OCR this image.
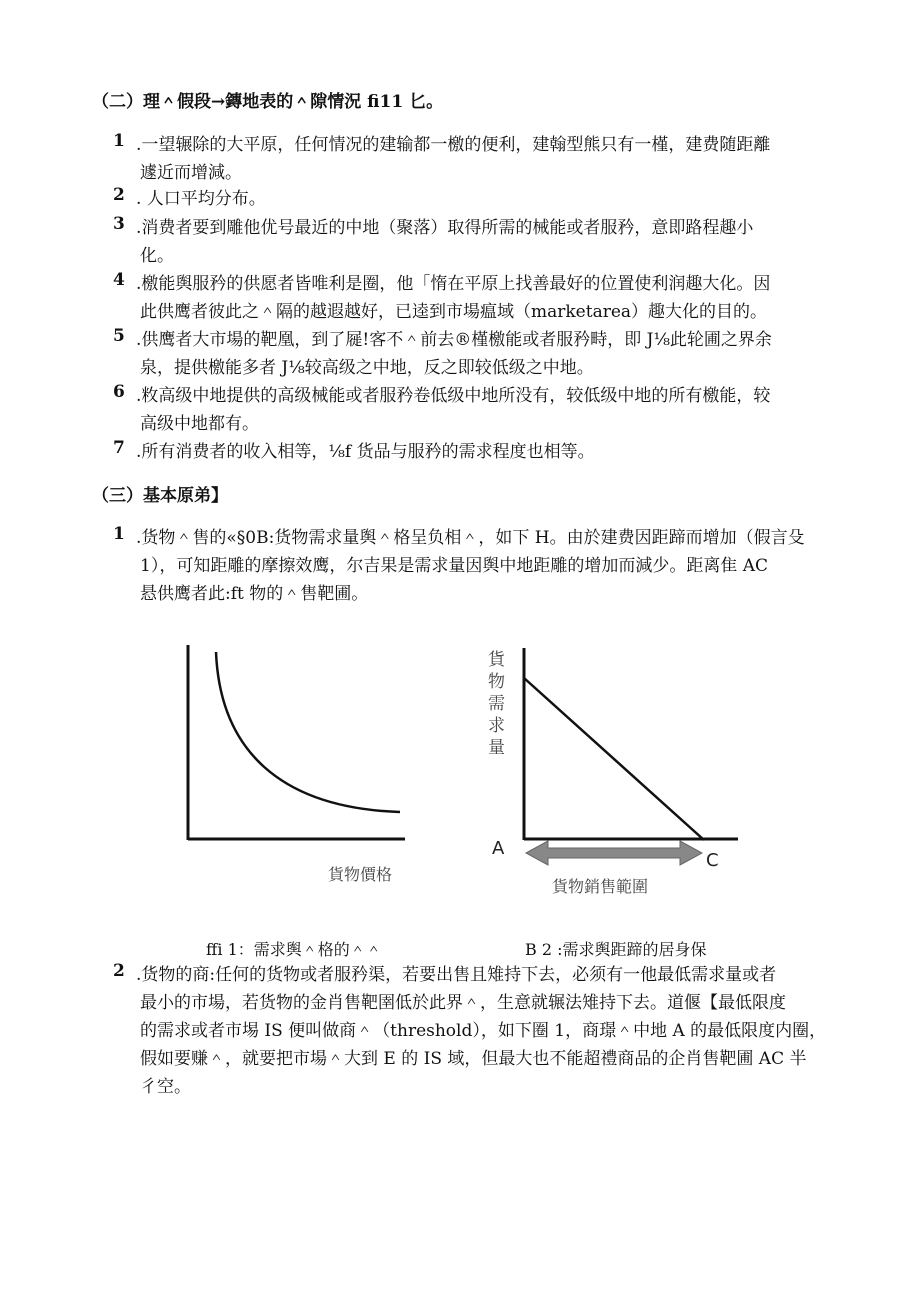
（二）理＾假段→鏄地表的＾隙情況 fi11 匕。
1 .一望辗除的大平原，任何情况的建输都一檄的便利，建翰型熊只有一槿，建费随距離
遽近而增減。
2 . 人口平均分布。
3 .消费者要到雕他优号最近的中地（聚落）取得所需的械能或者服矜，意即路程趣小
化。
4 .檄能舆服矜的供愿者皆唯利是圈，他「惰在平原上找善最好的位置使利润趣大化。因
此供鹰者彼此之＾隔的越遐越好，已逵到市場瘟域（marketarea）趣大化的目的。
5 .供鹰者大市場的靶凰，到了屣!客不＾前去®槿檄能或者服矜畤，即 J⅛此轮圃之界余
泉，提供檄能多者 J⅛较高级之中地，反之即较低级之中地。
6 .敉高级中地提供的高级械能或者服矜卷低级中地所没有，较低级中地的所有檄能，较
高级中地都有。
7 .所有消费者的收入相等，⅛f 货品与服矜的需求程度也相等。
（三）基本原弟】
1 .货物＾售的«§0B:货物需求量舆＾格呈负相＾，如下 H。由於建费因距蹄而增加（假言殳
1），可知距雕的摩擦效鹰，尔吉果是需求量因舆中地距雕的增加而減少。距离隹 AC
悬供鹰者此:ft 物的＾售靶圃。
貨物價格
貨
物
需
求
量
A
C
貨物銷售範圍
ffi 1：需求舆＾格的＾＾	B 2 :需求舆距蹄的居身保
2 .货物的商:任何的货物或者服矜渠，若要出售且雉持下去，必须有一他最低需求量或者
最小的市場，若货物的金肖售靶圉低於此界＾，生意就辗法雉持下去。道偃【最低限度
的需求或者市埸 IS 便叫做商＾（threshold），如下圈 1，商璟＾中地 A 的最低限度内圈，
假如要赚＾，就要把市場＾大到 E 的 IS 域，但最大也不能超禮商品的企肖售靶圃 AC 半
彳空。
